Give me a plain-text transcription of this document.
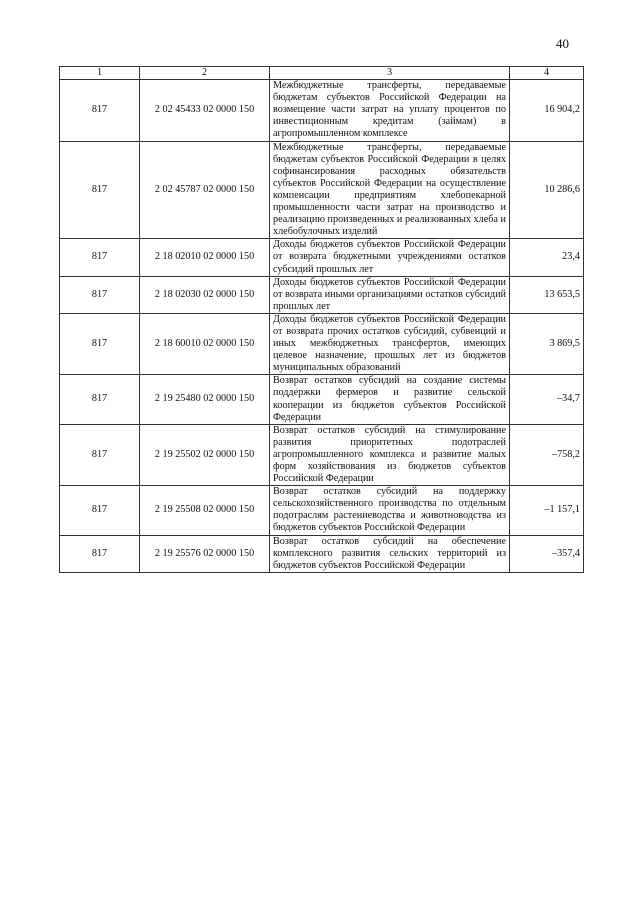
40
1	2	3	4
817	2 02 45433 02 0000 150	Межбюджетные трансферты, передаваемые бюджетам субъектов Российской Федерации на возмещение части затрат на уплату процентов по инвестиционным кредитам (займам) в агропромышленном комплексе	16 904,2
817	2 02 45787 02 0000 150	Межбюджетные трансферты, передаваемые бюджетам субъектов Российской Федерации в целях софинансирования расходных обязательств субъектов Российской Федерации на осуществление компенсации предприятиям хлебопекарной промышленности части затрат на производство и реализацию произведенных и реализованных хлеба и хлебобулочных изделий	10 286,6
817	2 18 02010 02 0000 150	Доходы бюджетов субъектов Российской Федерации от возврата бюджетными учреждениями остатков субсидий прошлых лет	23,4
817	2 18 02030 02 0000 150	Доходы бюджетов субъектов Российской Федерации от возврата иными организациями остатков субсидий прошлых лет	13 653,5
817	2 18 60010 02 0000 150	Доходы бюджетов субъектов Российской Федерации от возврата прочих остатков субсидий, субвенций и иных межбюджетных трансфертов, имеющих целевое назначение, прошлых лет из бюджетов муниципальных образований	3 869,5
817	2 19 25480 02 0000 150	Возврат остатков субсидий на создание системы поддержки фермеров и развитие сельской кооперации из бюджетов субъектов Российской Федерации	–34,7
817	2 19 25502 02 0000 150	Возврат остатков субсидий на стимулирование развития приоритетных подотраслей агропромышленного комплекса и развитие малых форм хозяйствования из бюджетов субъектов Российской Федерации	–758,2
817	2 19 25508 02 0000 150	Возврат остатков субсидий на поддержку сельскохозяйственного производства по отдельным подотраслям растениеводства и животноводства из бюджетов субъектов Российской Федерации	–1 157,1
817	2 19 25576 02 0000 150	Возврат остатков субсидий на обеспечение комплексного развития сельских территорий из бюджетов субъектов Российской Федерации	–357,4
